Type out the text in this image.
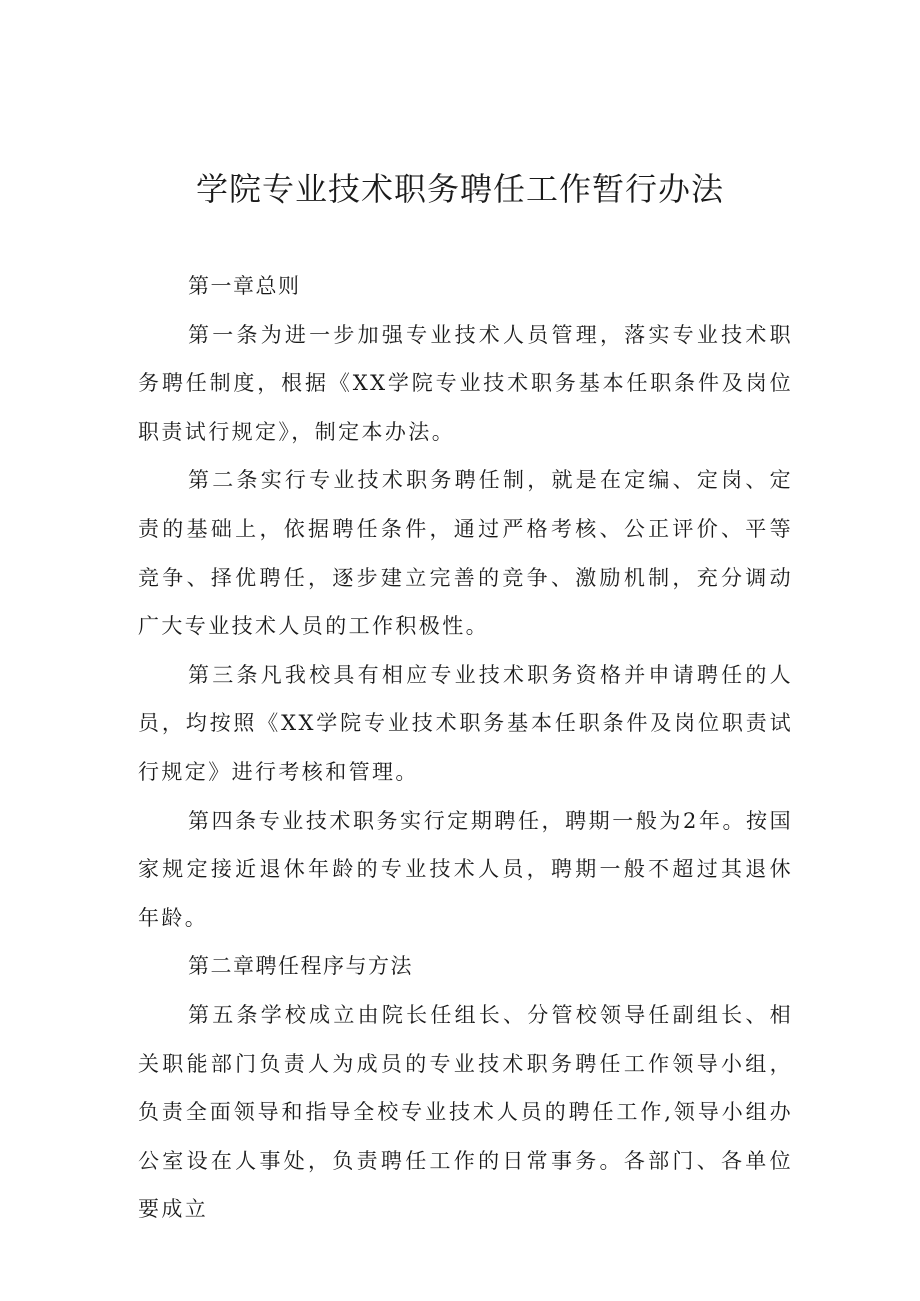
学院专业技术职务聘任工作暂行办法

第一章总则

第一条为进一步加强专业技术人员管理，落实专业技术职务聘任制度，根据《XX学院专业技术职务基本任职条件及岗位职责试行规定》，制定本办法。

第二条实行专业技术职务聘任制，就是在定编、定岗、定责的基础上，依据聘任条件，通过严格考核、公正评价、平等竞争、择优聘任，逐步建立完善的竞争、激励机制，充分调动广大专业技术人员的工作积极性。

第三条凡我校具有相应专业技术职务资格并申请聘任的人员，均按照《XX学院专业技术职务基本任职条件及岗位职责试行规定》进行考核和管理。

第四条专业技术职务实行定期聘任，聘期一般为2年。按国家规定接近退休年龄的专业技术人员，聘期一般不超过其退休年龄。

第二章聘任程序与方法

第五条学校成立由院长任组长、分管校领导任副组长、相关职能部门负责人为成员的专业技术职务聘任工作领导小组，负责全面领导和指导全校专业技术人员的聘任工作,领导小组办公室设在人事处，负责聘任工作的日常事务。各部门、各单位要成立
